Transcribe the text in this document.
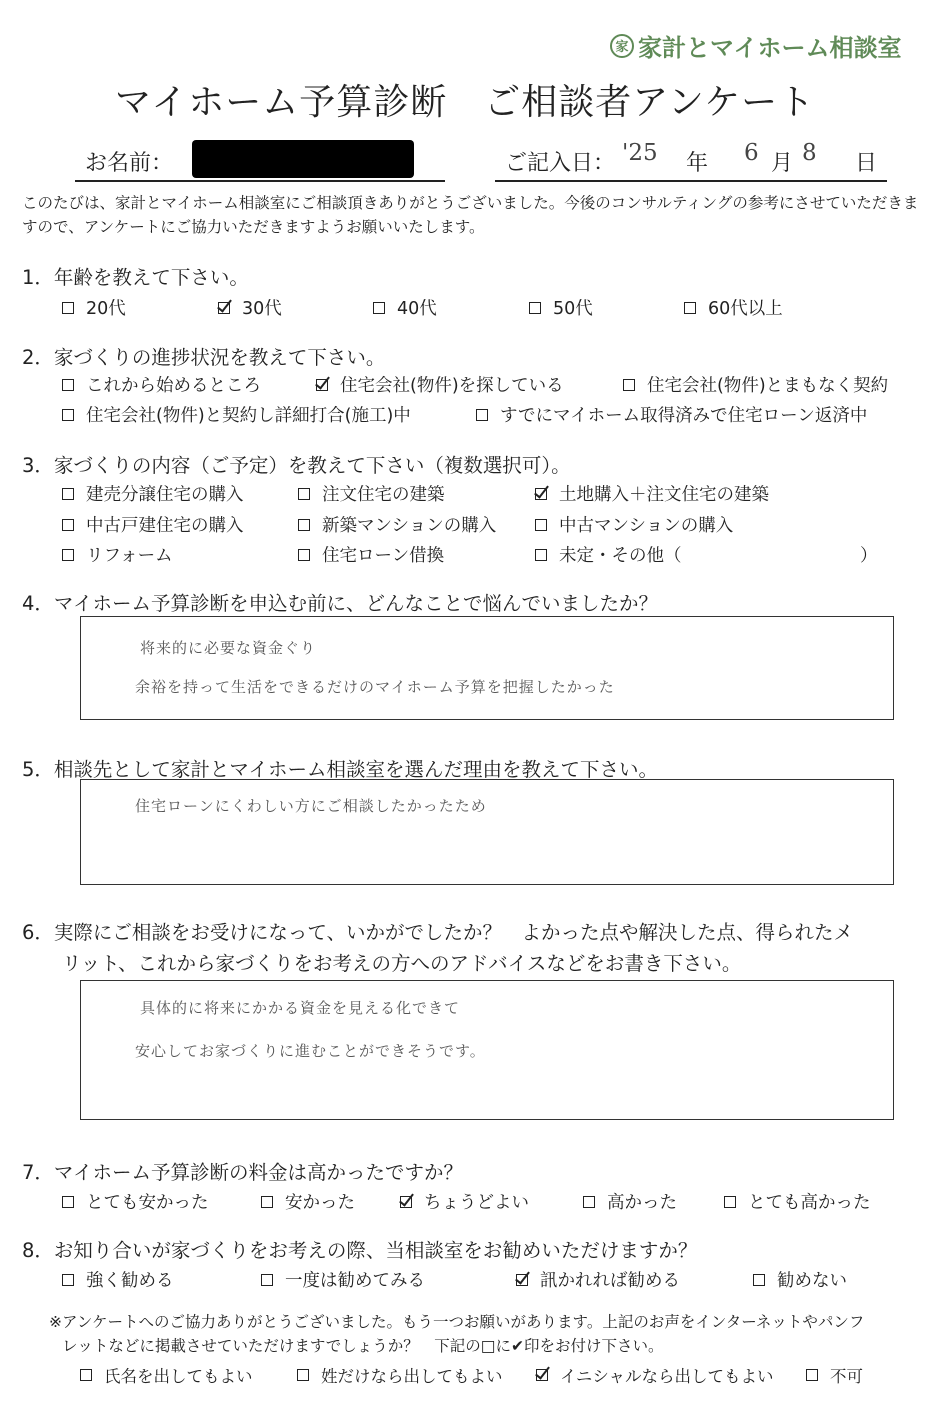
家 家計とマイホーム相談室
マイホーム予算診断　ご相談者アンケート
お名前：	ご記入日： '25 年 6 月 8 日
このたびは、家計とマイホーム相談室にご相談頂きありがとうございました。今後のコンサルティングの参考にさせていただきますので、アンケートにご協力いただきますようお願いいたします。
1．年齢を教えて下さい。
20代	30代	40代	50代	60代以上
2．家づくりの進捗状況を教えて下さい。
これから始めるところ	住宅会社(物件)を探している	住宅会社(物件)とまもなく契約
住宅会社(物件)と契約し詳細打合(施工)中	すでにマイホーム取得済みで住宅ローン返済中
3．家づくりの内容（ご予定）を教えて下さい（複数選択可）。
建売分譲住宅の購入	注文住宅の建築	土地購入＋注文住宅の建築
中古戸建住宅の購入	新築マンションの購入	中古マンションの購入
リフォーム	住宅ローン借換	未定・その他（	）
4．マイホーム予算診断を申込む前に、どんなことで悩んでいましたか？
将来的に必要な資金ぐり
余裕を持って生活をできるだけのマイホーム予算を把握したかった
5．相談先として家計とマイホーム相談室を選んだ理由を教えて下さい。
住宅ローンにくわしい方にご相談したかったため
6．実際にご相談をお受けになって、いかがでしたか？　よかった点や解決した点、得られたメ
リット、これから家づくりをお考えの方へのアドバイスなどをお書き下さい。
具体的に将来にかかる資金を見える化できて
安心してお家づくりに進むことができそうです。
7．マイホーム予算診断の料金は高かったですか？
とても安かった	安かった	ちょうどよい	高かった	とても高かった
8．お知り合いが家づくりをお考えの際、当相談室をお勧めいただけますか？
強く勧める	一度は勧めてみる	訊かれれば勧める	勧めない
※アンケートへのご協力ありがとうございました。もう一つお願いがあります。上記のお声をインターネットやパンフ
レットなどに掲載させていただけますでしょうか？　下記の□に✔印をお付け下さい。
氏名を出してもよい	姓だけなら出してもよい	イニシャルなら出してもよい	不可
